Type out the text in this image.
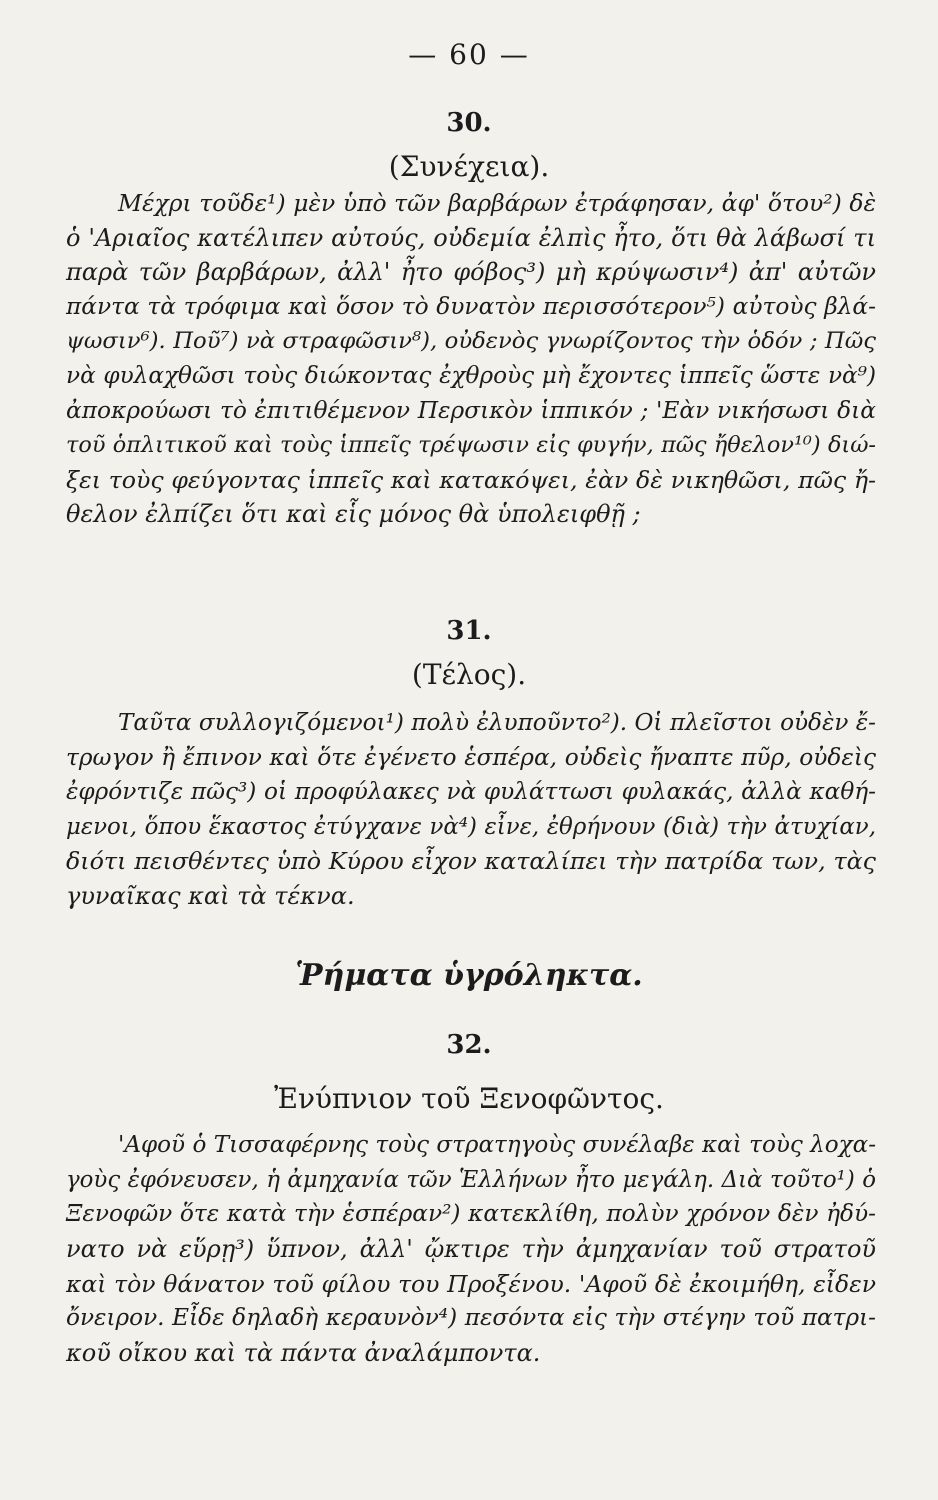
— 60 —
30.
(Συνέχεια).
Μέχρι τοῦδε¹) μὲν ὑπὸ τῶν βαρβάρων ἐτράφησαν, ἀφ' ὅτου²) δὲ
ὁ 'Αριαῖος κατέλιπεν αὐτούς, οὐδεμία ἐλπὶς ἦτο, ὅτι θὰ λάβωσί τι
παρὰ τῶν βαρβάρων, ἀλλ' ἦτο φόβος³) μὴ κρύψωσιν⁴) ἀπ' αὐτῶν
πάντα τὰ τρόφιμα καὶ ὅσον τὸ δυνατὸν περισσότερον⁵) αὐτοὺς βλά-
ψωσιν⁶). Ποῦ⁷) νὰ στραφῶσιν⁸), οὐδενὸς γνωρίζοντος τὴν ὁδόν ; Πῶς
νὰ φυλαχθῶσι τοὺς διώκοντας ἐχθροὺς μὴ ἔχοντες ἱππεῖς ὥστε νὰ⁹)
ἀποκρούωσι τὸ ἐπιτιθέμενον Περσικὸν ἱππικόν ; 'Εὰν νικήσωσι διὰ
τοῦ ὁπλιτικοῦ καὶ τοὺς ἱππεῖς τρέψωσιν εἰς φυγήν, πῶς ἤθελον¹⁰) διώ-
ξει τοὺς φεύγοντας ἱππεῖς καὶ κατακόψει, ἐὰν δὲ νικηθῶσι, πῶς ἤ-
θελον ἐλπίζει ὅτι καὶ εἷς μόνος θὰ ὑπολειφθῇ ;
31.
(Τέλος).
Ταῦτα συλλογιζόμενοι¹) πολὺ ἐλυποῦντο²). Οἱ πλεῖστοι οὐδὲν ἔ-
τρωγον ἢ ἔπινον καὶ ὅτε ἐγένετο ἑσπέρα, οὐδεὶς ἤναπτε πῦρ, οὐδεὶς
ἐφρόντιζε πῶς³) οἱ προφύλακες νὰ φυλάττωσι φυλακάς, ἀλλὰ καθή-
μενοι, ὅπου ἕκαστος ἐτύγχανε νὰ⁴) εἶνε, ἐθρήνουν (διὰ) τὴν ἀτυχίαν,
διότι πεισθέντες ὑπὸ Κύρου εἶχον καταλίπει τὴν πατρίδα των, τὰς
γυναῖκας καὶ τὰ τέκνα.
Ῥήματα ὑγρόληκτα.
32.
Ἐνύπνιον τοῦ Ξενοφῶντος.
'Αφοῦ ὁ Τισσαφέρνης τοὺς στρατηγοὺς συνέλαβε καὶ τοὺς λοχα-
γοὺς ἐφόνευσεν, ἡ ἀμηχανία τῶν Ἑλλήνων ἦτο μεγάλη. Διὰ τοῦτο¹) ὁ
Ξενοφῶν ὅτε κατὰ τὴν ἑσπέραν²) κατεκλίθη, πολὺν χρόνον δὲν ἠδύ-
νατο νὰ εὕρῃ³) ὕπνον, ἀλλ' ᾤκτιρε τὴν ἀμηχανίαν τοῦ στρατοῦ
καὶ τὸν θάνατον τοῦ φίλου του Προξένου. 'Αφοῦ δὲ ἐκοιμήθη, εἶδεν
ὄνειρον. Εἶδε δηλαδὴ κεραυνὸν⁴) πεσόντα εἰς τὴν στέγην τοῦ πατρι-
κοῦ οἴκου καὶ τὰ πάντα ἀναλάμποντα.
